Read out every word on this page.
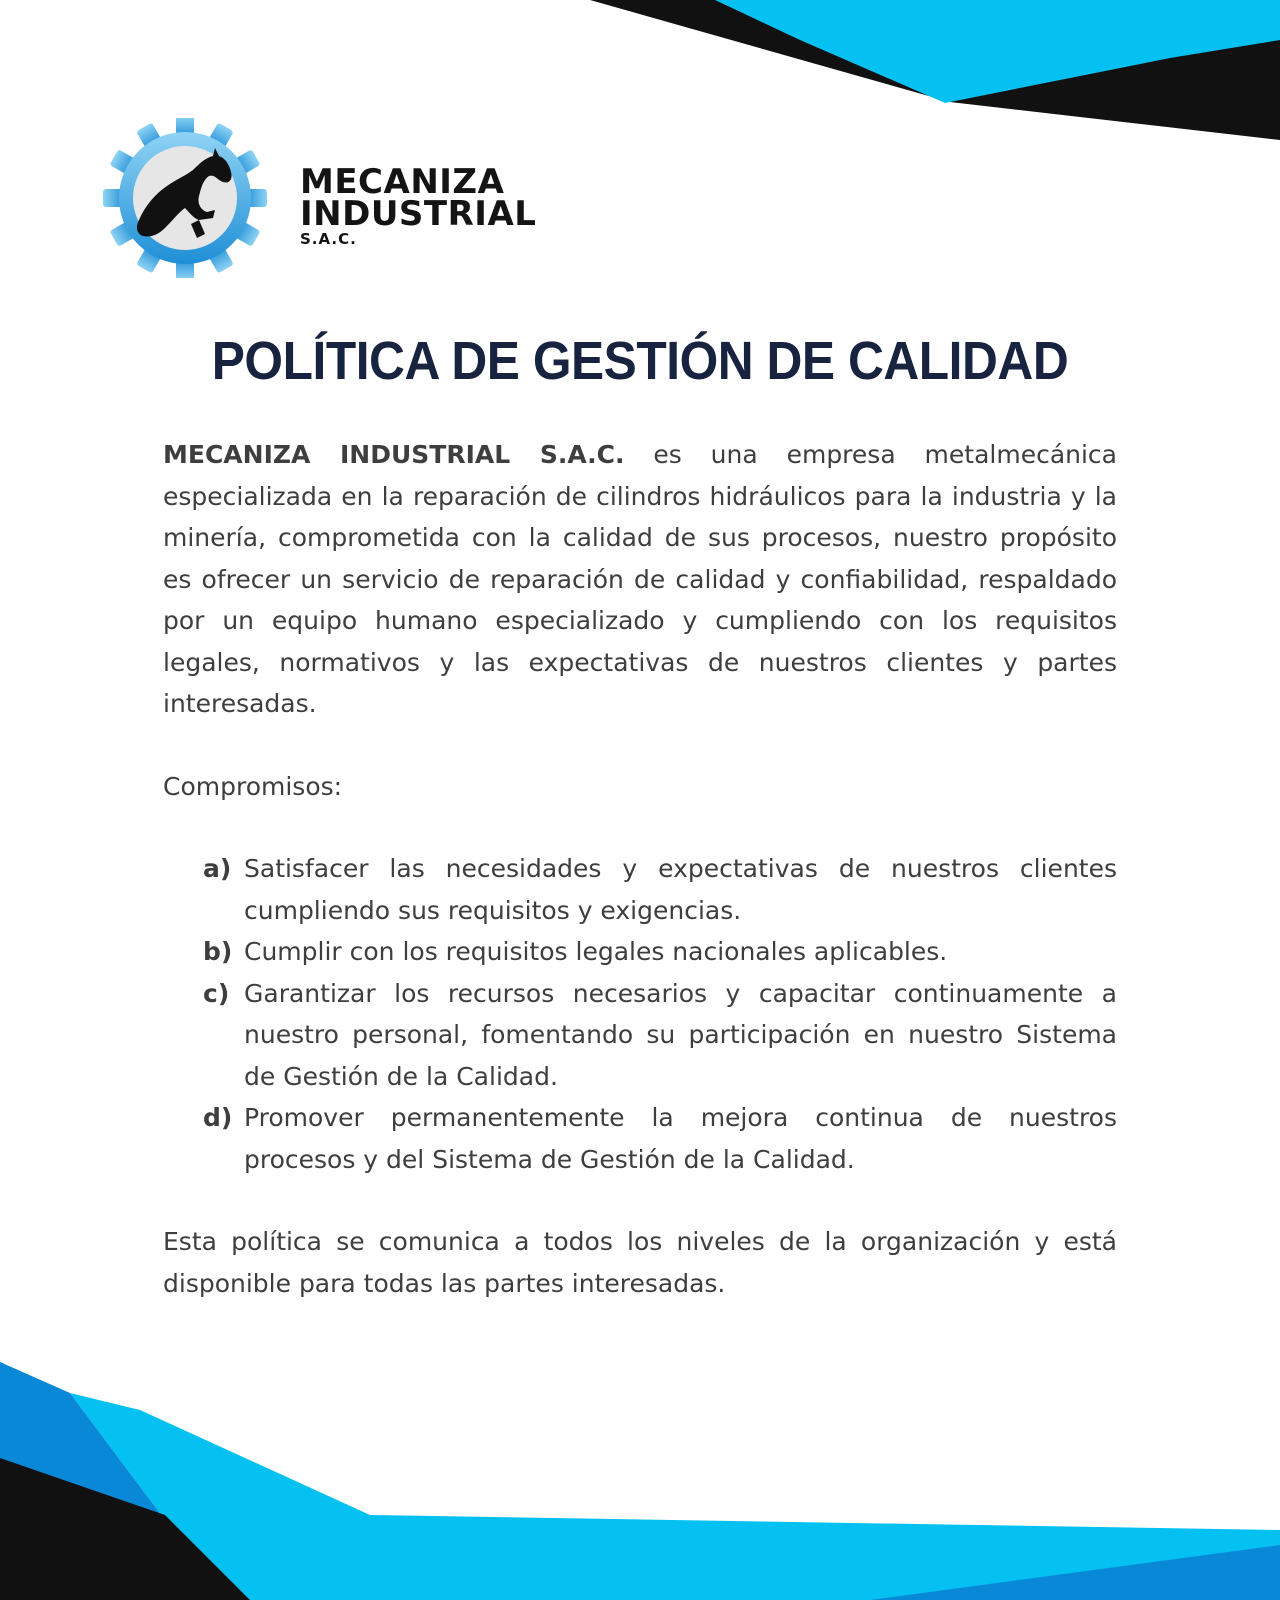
MECANIZA
INDUSTRIAL
S.A.C.
POLÍTICA DE GESTIÓN DE CALIDAD

MECANIZA INDUSTRIAL S.A.C. es una empresa metalmecánica especializada en la reparación de cilindros hidráulicos para la industria y la minería, comprometida con la calidad de sus procesos, nuestro propósito es ofrecer un servicio de reparación de calidad y confiabilidad, respaldado por un equipo humano especializado y cumpliendo con los requisitos legales, normativos y las expectativas de nuestros clientes y partes interesadas.

Compromisos:

a) Satisfacer las necesidades y expectativas de nuestros clientes cumpliendo sus requisitos y exigencias.
b) Cumplir con los requisitos legales nacionales aplicables.
c) Garantizar los recursos necesarios y capacitar continuamente a nuestro personal, fomentando su participación en nuestro Sistema de Gestión de la Calidad.
d) Promover permanentemente la mejora continua de nuestros procesos y del Sistema de Gestión de la Calidad.

Esta política se comunica a todos los niveles de la organización y está disponible para todas las partes interesadas.
